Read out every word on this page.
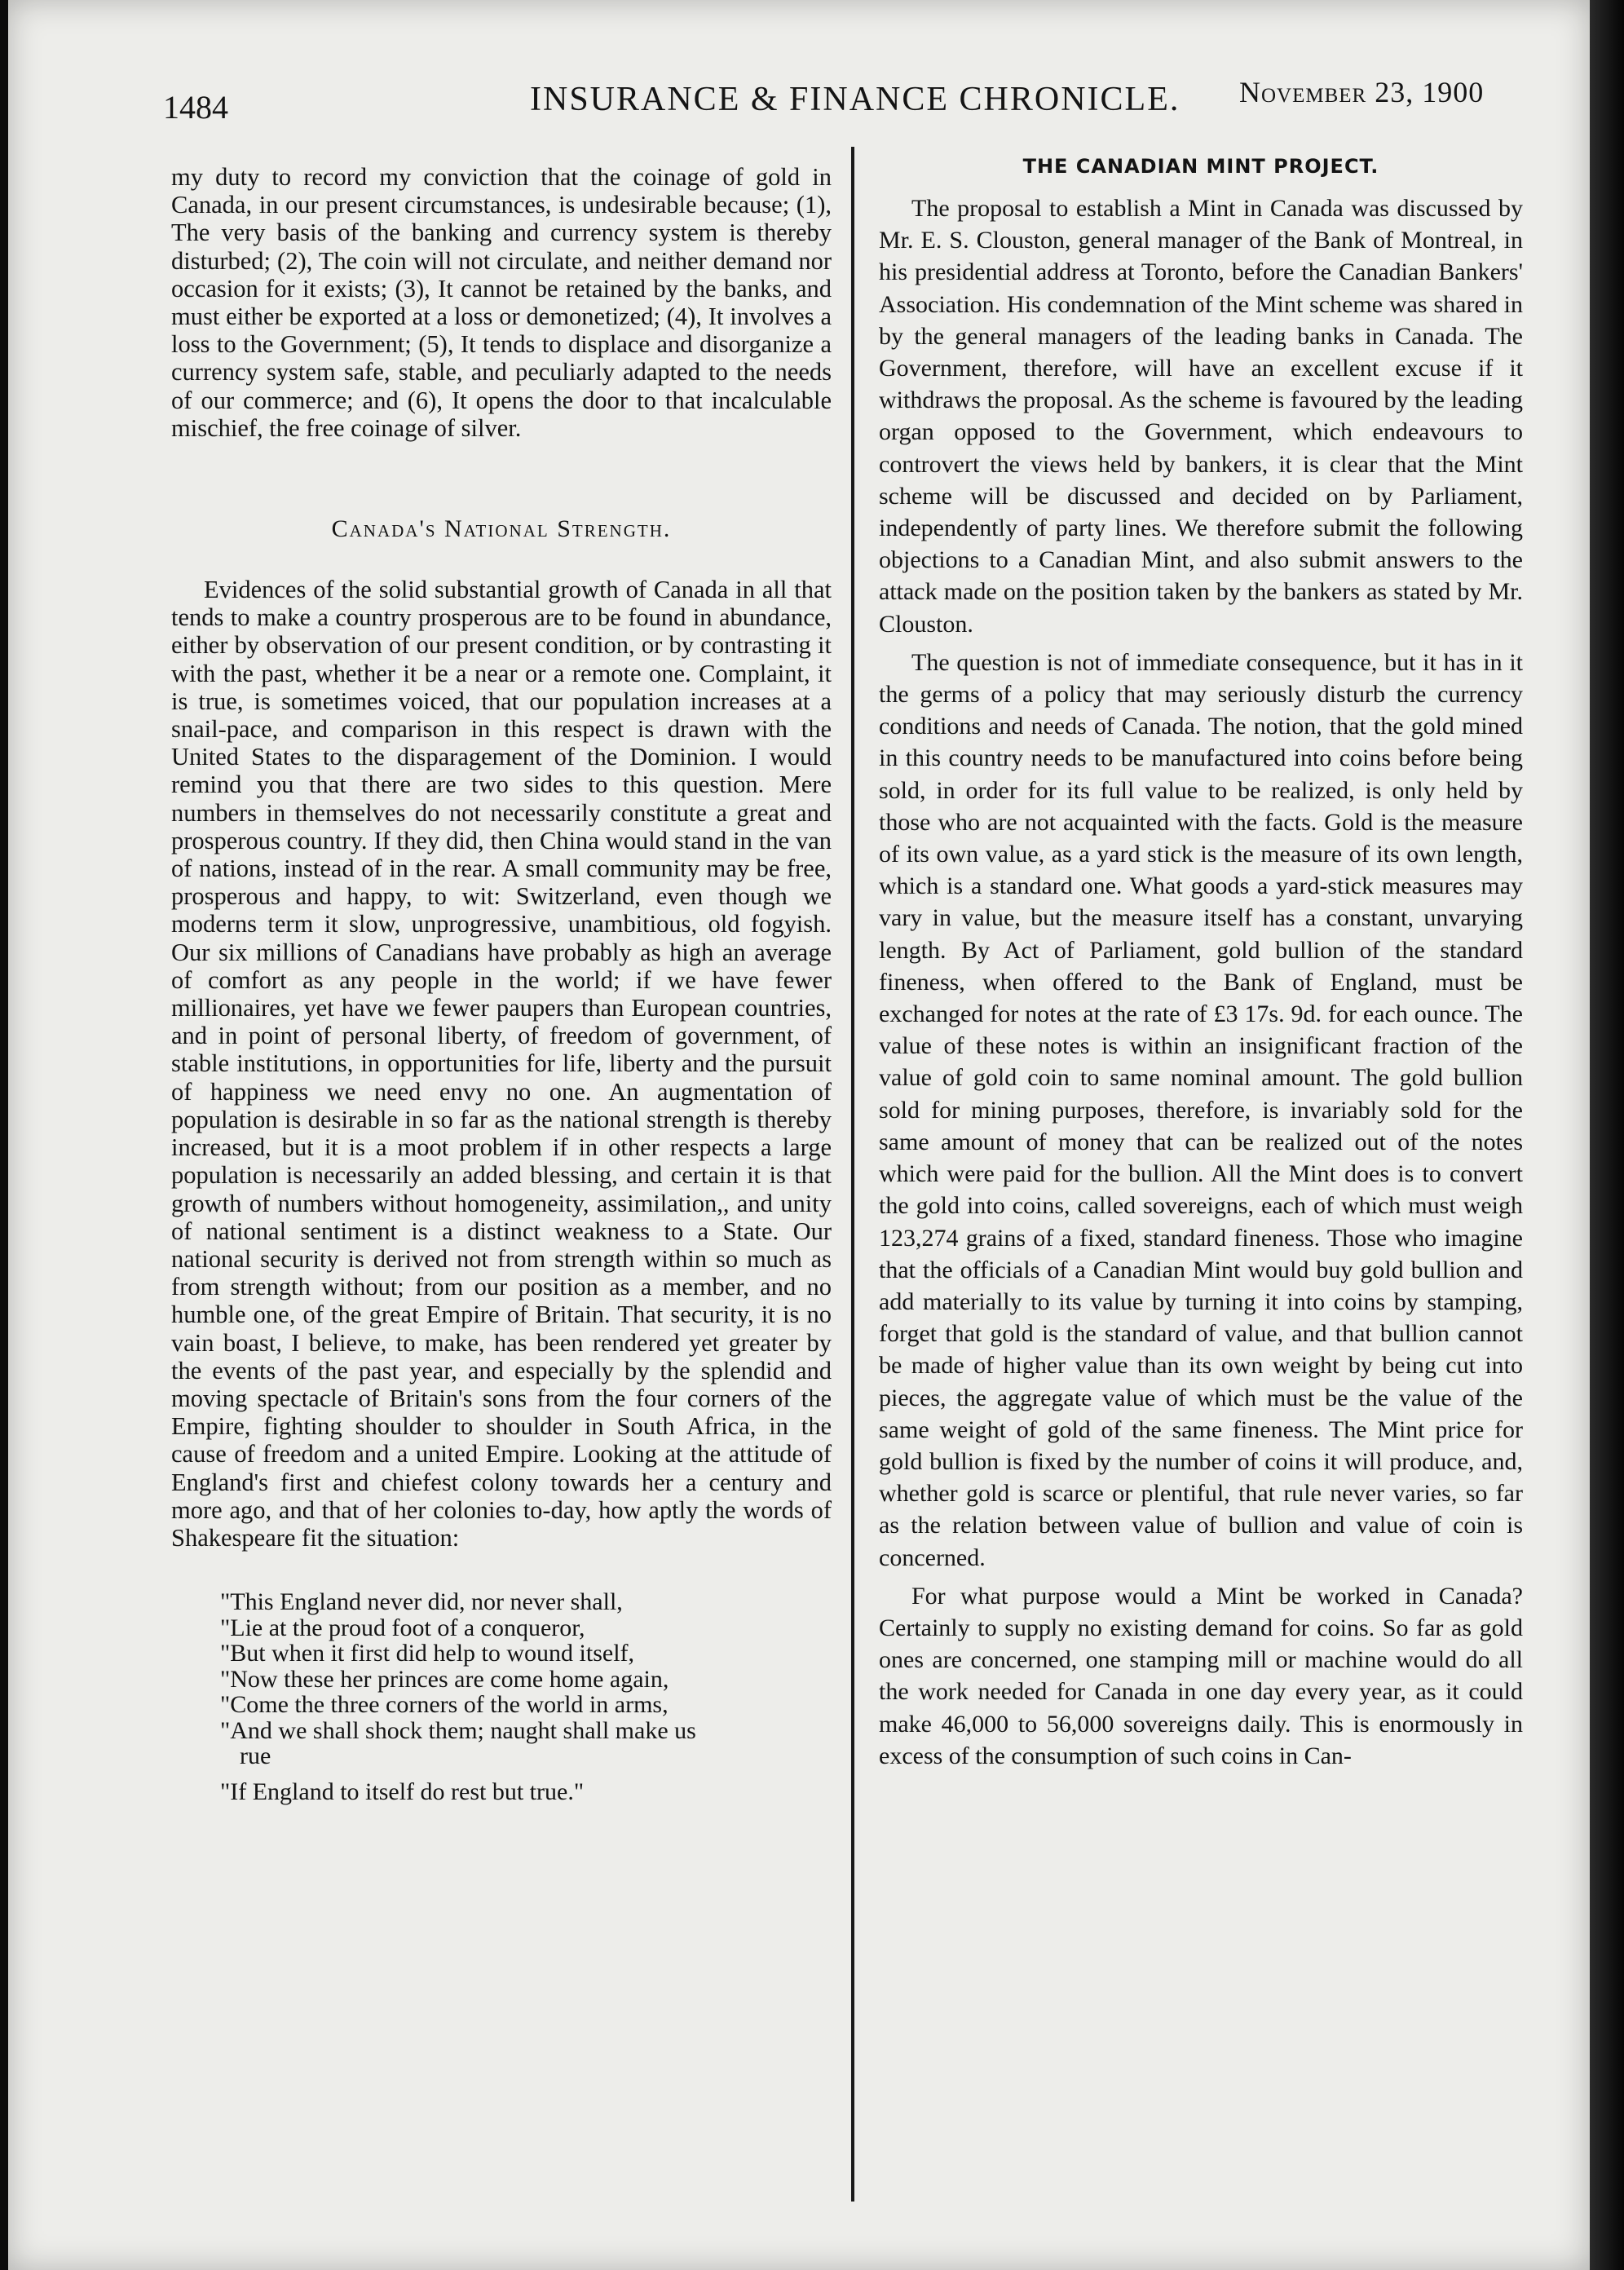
1484	INSURANCE & FINANCE CHRONICLE. November 23, 1900

my duty to record my conviction that the coinage of gold in Canada, in our present circumstances, is undesirable because; (1), The very basis of the banking and currency system is thereby disturbed; (2), The coin will not circulate, and neither demand nor occasion for it exists; (3), It cannot be retained by the banks, and must either be exported at a loss or demonetized; (4), It involves a loss to the Government; (5), It tends to displace and disorganize a currency system safe, stable, and peculiarly adapted to the needs of our commerce; and (6), It opens the door to that incalculable mischief, the free coinage of silver.

Canada's National Strength.

Evidences of the solid substantial growth of Canada in all that tends to make a country prosperous are to be found in abundance, either by observation of our present condition, or by contrasting it with the past, whether it be a near or a remote one. Complaint, it is true, is sometimes voiced, that our population increases at a snail-pace, and comparison in this respect is drawn with the United States to the disparagement of the Dominion. I would remind you that there are two sides to this question. Mere numbers in themselves do not necessarily constitute a great and prosperous country. If they did, then China would stand in the van of nations, instead of in the rear. A small community may be free, prosperous and happy, to wit: Switzerland, even though we moderns term it slow, unprogressive, unambitious, old fogyish. Our six millions of Canadians have probably as high an average of comfort as any people in the world; if we have fewer millionaires, yet have we fewer paupers than European countries, and in point of personal liberty, of freedom of government, of stable institutions, in opportunities for life, liberty and the pursuit of happiness we need envy no one. An augmentation of population is desirable in so far as the national strength is thereby increased, but it is a moot problem if in other respects a large population is necessarily an added blessing, and certain it is that growth of numbers without homogeneity, assimilation,, and unity of national sentiment is a distinct weakness to a State. Our national security is derived not from strength within so much as from strength without; from our position as a member, and no humble one, of the great Empire of Britain. That security, it is no vain boast, I believe, to make, has been rendered yet greater by the events of the past year, and especially by the splendid and moving spectacle of Britain's sons from the four corners of the Empire, fighting shoulder to shoulder in South Africa, in the cause of freedom and a united Empire. Looking at the attitude of England's first and chiefest colony towards her a century and more ago, and that of her colonies to-day, how aptly the words of Shakespeare fit the situation:

"This England never did, nor never shall,
"Lie at the proud foot of a conqueror,
"But when it first did help to wound itself,
"Now these her princes are come home again,
"Come the three corners of the world in arms,
"And we shall shock them; naught shall make us
rue
"If England to itself do rest but true."
THE CANADIAN MINT PROJECT.

The proposal to establish a Mint in Canada was discussed by Mr. E. S. Clouston, general manager of the Bank of Montreal, in his presidential address at Toronto, before the Canadian Bankers' Association. His condemnation of the Mint scheme was shared in by the general managers of the leading banks in Canada. The Government, therefore, will have an excellent excuse if it withdraws the proposal. As the scheme is favoured by the leading organ opposed to the Government, which endeavours to controvert the views held by bankers, it is clear that the Mint scheme will be discussed and decided on by Parliament, independently of party lines. We therefore submit the following objections to a Canadian Mint, and also submit answers to the attack made on the position taken by the bankers as stated by Mr. Clouston.

The question is not of immediate consequence, but it has in it the germs of a policy that may seriously disturb the currency conditions and needs of Canada. The notion, that the gold mined in this country needs to be manufactured into coins before being sold, in order for its full value to be realized, is only held by those who are not acquainted with the facts. Gold is the measure of its own value, as a yard stick is the measure of its own length, which is a standard one. What goods a yard-stick measures may vary in value, but the measure itself has a constant, unvarying length. By Act of Parliament, gold bullion of the standard fineness, when offered to the Bank of England, must be exchanged for notes at the rate of £3 17s. 9d. for each ounce. The value of these notes is within an insignificant fraction of the value of gold coin to same nominal amount. The gold bullion sold for mining purposes, therefore, is invariably sold for the same amount of money that can be realized out of the notes which were paid for the bullion. All the Mint does is to convert the gold into coins, called sovereigns, each of which must weigh 123,274 grains of a fixed, standard fineness. Those who imagine that the officials of a Canadian Mint would buy gold bullion and add materially to its value by turning it into coins by stamping, forget that gold is the standard of value, and that bullion cannot be made of higher value than its own weight by being cut into pieces, the aggregate value of which must be the value of the same weight of gold of the same fineness. The Mint price for gold bullion is fixed by the number of coins it will produce, and, whether gold is scarce or plentiful, that rule never varies, so far as the relation between value of bullion and value of coin is concerned.

For what purpose would a Mint be worked in Canada? Certainly to supply no existing demand for coins. So far as gold ones are concerned, one stamping mill or machine would do all the work needed for Canada in one day every year, as it could make 46,000 to 56,000 sovereigns daily. This is enormously in excess of the consumption of such coins in Can-
